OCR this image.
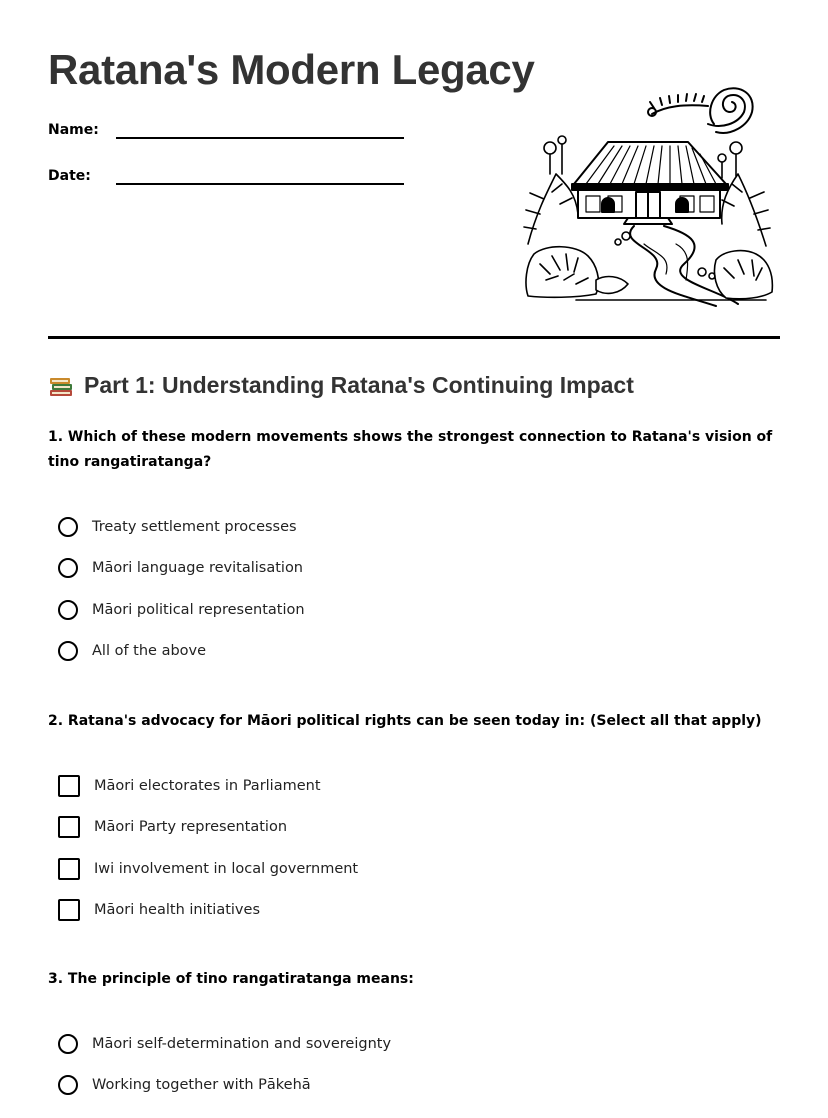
Ratana's Modern Legacy
Name:
Date:
Part 1: Understanding Ratana's Continuing Impact

1. Which of these modern movements shows the strongest connection to Ratana's vision of tino rangatiratanga?

Treaty settlement processes
Māori language revitalisation
Māori political representation
All of the above

2. Ratana's advocacy for Māori political rights can be seen today in: (Select all that apply)

Māori electorates in Parliament
Māori Party representation
Iwi involvement in local government
Māori health initiatives

3. The principle of tino rangatiratanga means:

Māori self-determination and sovereignty
Working together with Pākehā
